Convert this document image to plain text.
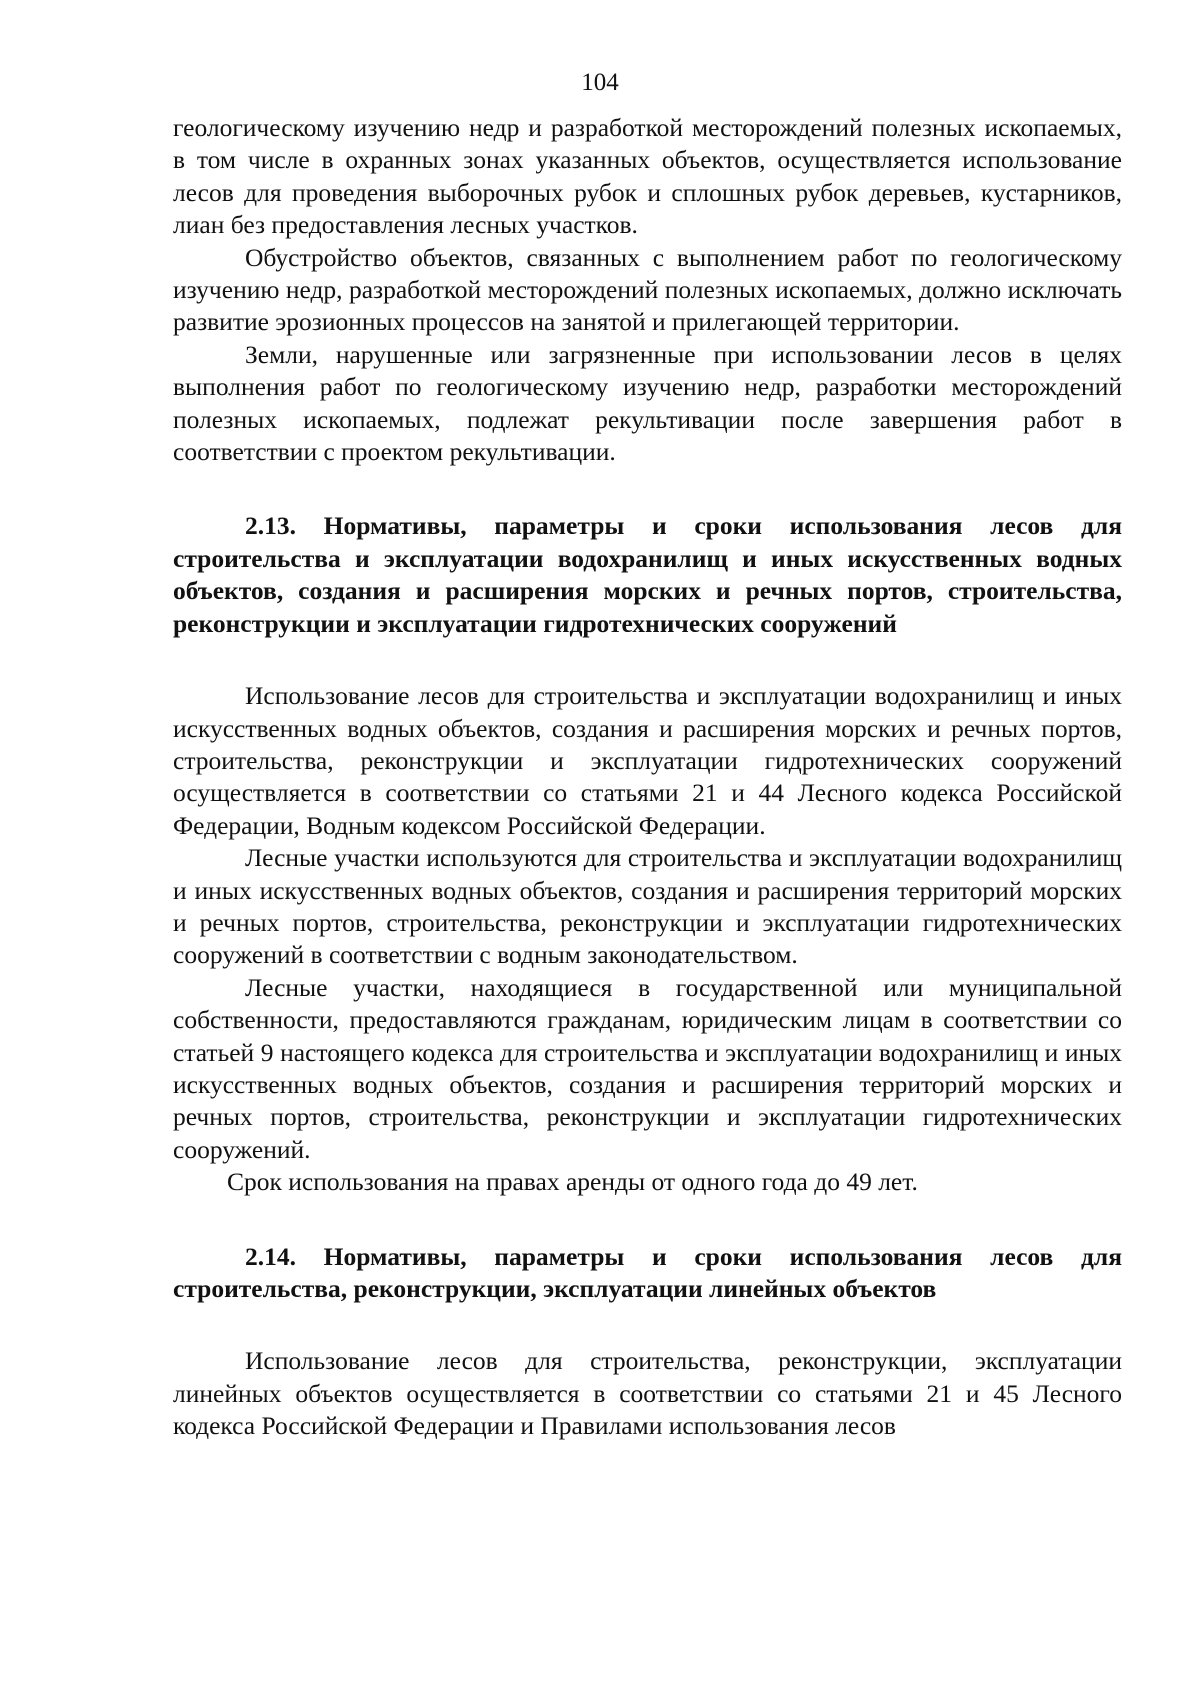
104

геологическому изучению недр и разработкой месторождений полезных ископаемых, в том числе в охранных зонах указанных объектов, осуществляется использование лесов для проведения выборочных рубок и сплошных рубок деревьев, кустарников, лиан без предоставления лесных участков.

Обустройство объектов, связанных с выполнением работ по геологическому изучению недр, разработкой месторождений полезных ископаемых, должно исключать развитие эрозионных процессов на занятой и прилегающей территории.

Земли, нарушенные или загрязненные при использовании лесов в целях выполнения работ по геологическому изучению недр, разработки месторождений полезных ископаемых, подлежат рекультивации после завершения работ в соответствии с проектом рекультивации.

2.13. Нормативы, параметры и сроки использования лесов для строительства и эксплуатации водохранилищ и иных искусственных водных объектов, создания и расширения морских и речных портов, строительства, реконструкции и эксплуатации гидротехнических сооружений

Использование лесов для строительства и эксплуатации водохранилищ и иных искусственных водных объектов, создания и расширения морских и речных портов, строительства, реконструкции и эксплуатации гидротехнических сооружений осуществляется в соответствии со статьями 21 и 44 Лесного кодекса Российской Федерации, Водным кодексом Российской Федерации.

Лесные участки используются для строительства и эксплуатации водохранилищ и иных искусственных водных объектов, создания и расширения территорий морских и речных портов, строительства, реконструкции и эксплуатации гидротехнических сооружений в соответствии с водным законодательством.

Лесные участки, находящиеся в государственной или муниципальной собственности, предоставляются гражданам, юридическим лицам в соответствии со статьей 9 настоящего кодекса для строительства и эксплуатации водохранилищ и иных искусственных водных объектов, создания и расширения территорий морских и речных портов, строительства, реконструкции и эксплуатации гидротехнических сооружений.

Срок использования на правах аренды от одного года до 49 лет.

2.14. Нормативы, параметры и сроки использования лесов для строительства, реконструкции, эксплуатации линейных объектов

Использование лесов для строительства, реконструкции, эксплуатации линейных объектов осуществляется в соответствии со статьями 21 и 45 Лесного кодекса Российской Федерации и Правилами использования лесов
